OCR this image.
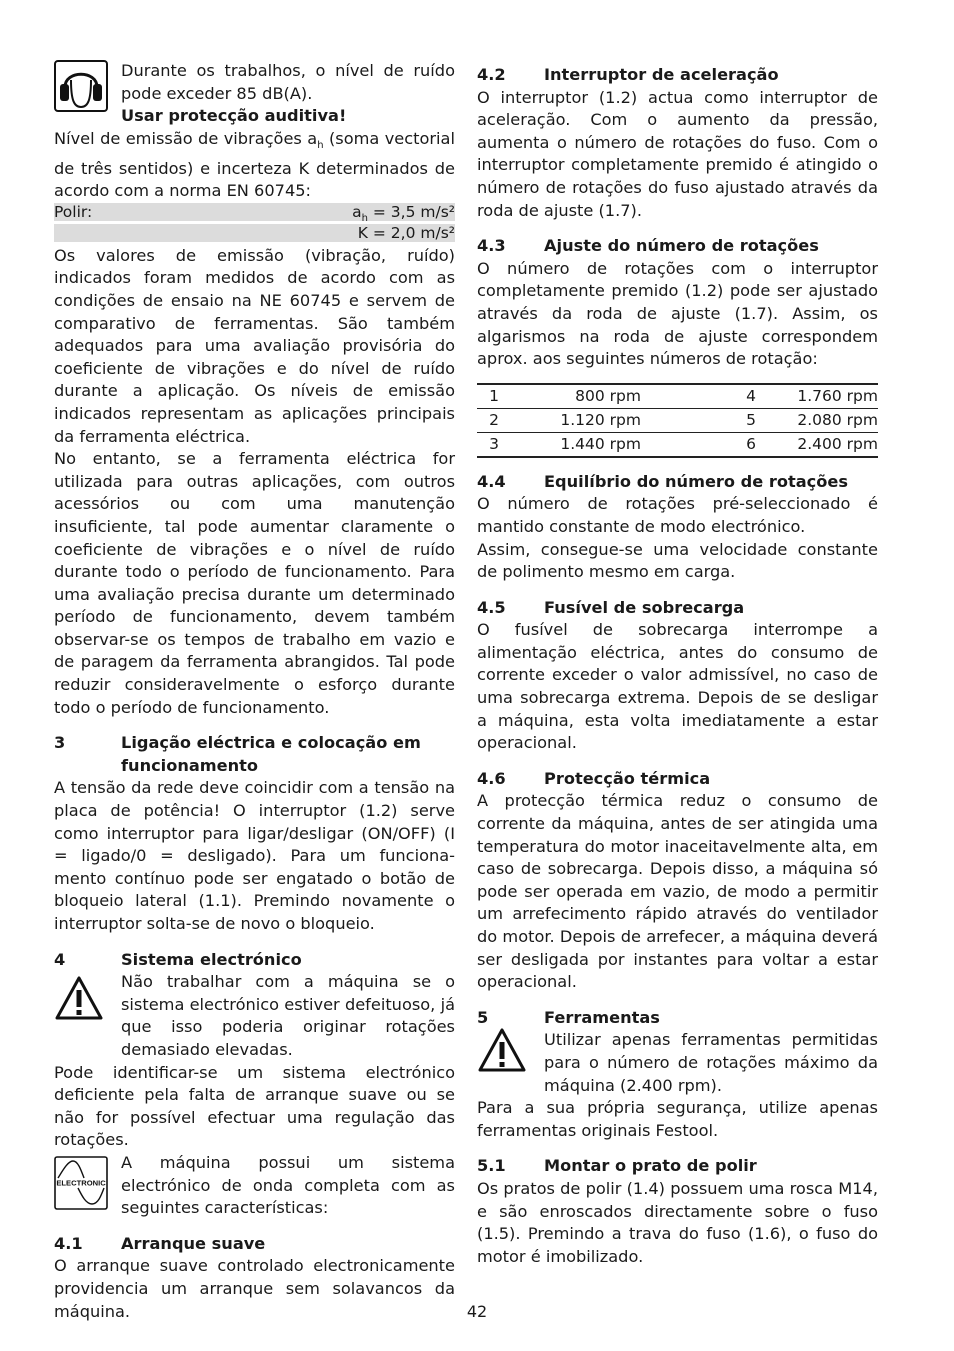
Durante os trabalhos, o nível de ruído pode exceder 85 dB(A).

Usar protecção auditiva!

Nível de emissão de vibrações $a_h$ (soma vectorial de três sentidos) e incerteza K determinados de acordo com a norma EN 60745:

Polir:	$a_h = 3,5$ m/s²
K = 2,0 m/s²

Os valores de emissão (vibração, ruído) indicados foram medidos de acordo com as condições de ensaio na NE 60745 e servem de comparativo de ferramentas. São também adequados para uma avaliação provisória do coeficiente de vibrações e do nível de ruído durante a aplicação. Os níveis de emissão indicados representam as aplicações principais da ferramenta eléctrica.

No entanto, se a ferramenta eléctrica for utilizada para outras aplicações, com outros acessórios ou com uma manutenção insuficiente, tal pode aumentar claramente o coeficiente de vibrações e o nível de ruído durante todo o período de funcionamento. Para uma avaliação precisa durante um determinado período de funcionamento, devem também observar-se os tempos de trabalho em vazio e de paragem da ferramenta abrangidos. Tal pode reduzir consideravelmente o esforço durante todo o período de funcionamento.

3	Ligação eléctrica e colocação em funcionamento

A tensão da rede deve coincidir com a tensão na placa de potência! O interruptor (1.2) serve como interruptor para ligar/desligar (ON/OFF) (I = ligado/0 = desligado). Para um funciona-mento contínuo pode ser engatado o botão de bloqueio lateral (1.1). Premindo novamente o interruptor solta-se de novo o bloqueio.

4	Sistema electrónico

Não trabalhar com a máquina se o sistema electrónico estiver defeituoso, já que isso poderia originar rotações demasiado elevadas.

Pode identificar-se um sistema electrónico deficiente pela falta de arranque suave ou se não for possível efectuar uma regulação das rotações.

ELECTRONIC

A máquina possui um sistema electrónico de onda completa com as seguintes características:

4.1	Arranque suave

O arranque suave controlado electronicamente providencia um arranque sem solavancos da máquina.

4.2	Interruptor de aceleração

O interruptor (1.2) actua como interruptor de aceleração. Com o aumento da pressão, aumenta o número de rotações do fuso. Com o interruptor completamente premido é atingido o número de rotações do fuso ajustado através da roda de ajuste (1.7).

4.3	Ajuste do número de rotações

O número de rotações com o interruptor completamente premido (1.2) pode ser ajustado através da roda de ajuste (1.7). Assim, os algarismos na roda de ajuste correspondem aprox. aos seguintes números de rotação:

1	800 rpm	4	1.760 rpm
2	1.120 rpm	5	2.080 rpm
3	1.440 rpm	6	2.400 rpm
4.4	Equilíbrio do número de rotações

O número de rotações pré-seleccionado é mantido constante de modo electrónico.

Assim, consegue-se uma velocidade constante de polimento mesmo em carga.

4.5	Fusível de sobrecarga

O fusível de sobrecarga interrompe a alimentação eléctrica, antes do consumo de corrente exceder o valor admissível, no caso de uma sobrecarga extrema. Depois de se desligar a máquina, esta volta imediatamente a estar operacional.

4.6	Protecção térmica

A protecção térmica reduz o consumo de corrente da máquina, antes de ser atingida uma temperatura do motor inaceitavelmente alta, em caso de sobrecarga. Depois disso, a máquina só pode ser operada em vazio, de modo a permitir um arrefecimento rápido através do ventilador do motor. Depois de arrefecer, a máquina deverá ser desligada por instantes para voltar a estar operacional.

5	Ferramentas

Utilizar apenas ferramentas permitidas para o número de rotações máximo da máquina (2.400 rpm).

Para a sua própria segurança, utilize apenas ferramentas originais Festool.

5.1	Montar o prato de polir

Os pratos de polir (1.4) possuem uma rosca M14, e são enroscados directamente sobre o fuso (1.5). Premindo a trava do fuso (1.6), o fuso do motor é imobilizado.

42
